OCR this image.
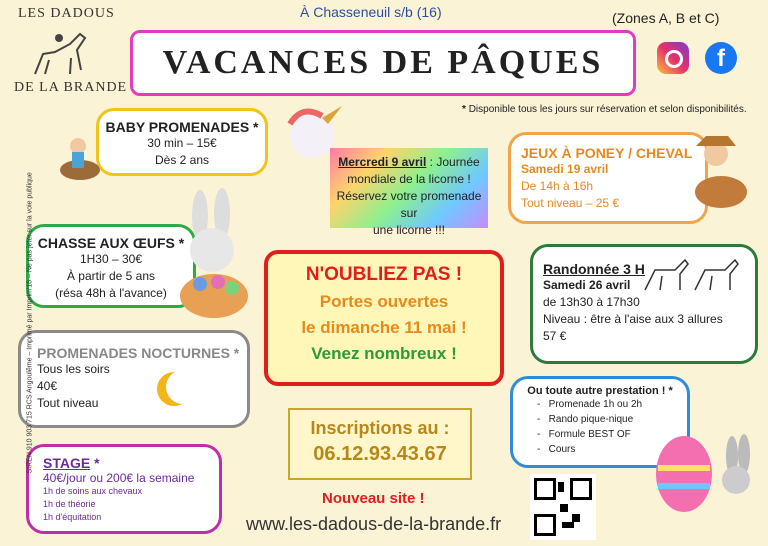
LES DADOUS
DE LA BRANDE
À Chasseneuil s/b (16)	(Zones A, B et C)
VACANCES DE PÂQUES	f
* Disponible tous les jours sur réservation et selon disponibilités.
BABY PROMENADES *
30 min – 15€
Dès 2 ans	Mercredi 9 avril : Journée
mondiale de la licorne !
Réservez votre promenade sur
une licorne !!!
JEUX À PONEY / CHEVAL
Samedi 19 avril
De 14h à 16h
Tout niveau – 25 €
CHASSE AUX ŒUFS *
1H30 – 30€
À partir de 5 ans
(résa 48h à l'avance)
N'OUBLIEZ PAS !
Portes ouvertes
le dimanche 11 mai !
Venez nombreux !
Randonnée 3 H
Samedi 26 avril
de 13h30 à 17h30
Niveau : être à l'aise aux 3 allures
57 €
PROMENADES NOCTURNES *
Tous les soirs
40€
Tout niveau
Inscriptions au :
06.12.93.43.67
Ou toute autre prestation ! *
-   Promenade 1h ou 2h
-   Rando pique-nique
-   Formule BEST OF
-   Cours
STAGE *
40€/jour ou 200€ la semaine
1h de soins aux chevaux
1h de théorie
1h d'équitation
Nouveau site !
www.les-dadous-de-la-brande.fr
SIREN 910 903 715 RCS Angoulême – Imprimé par Imprim'16 – Ne pas jeter sur la voie publique
